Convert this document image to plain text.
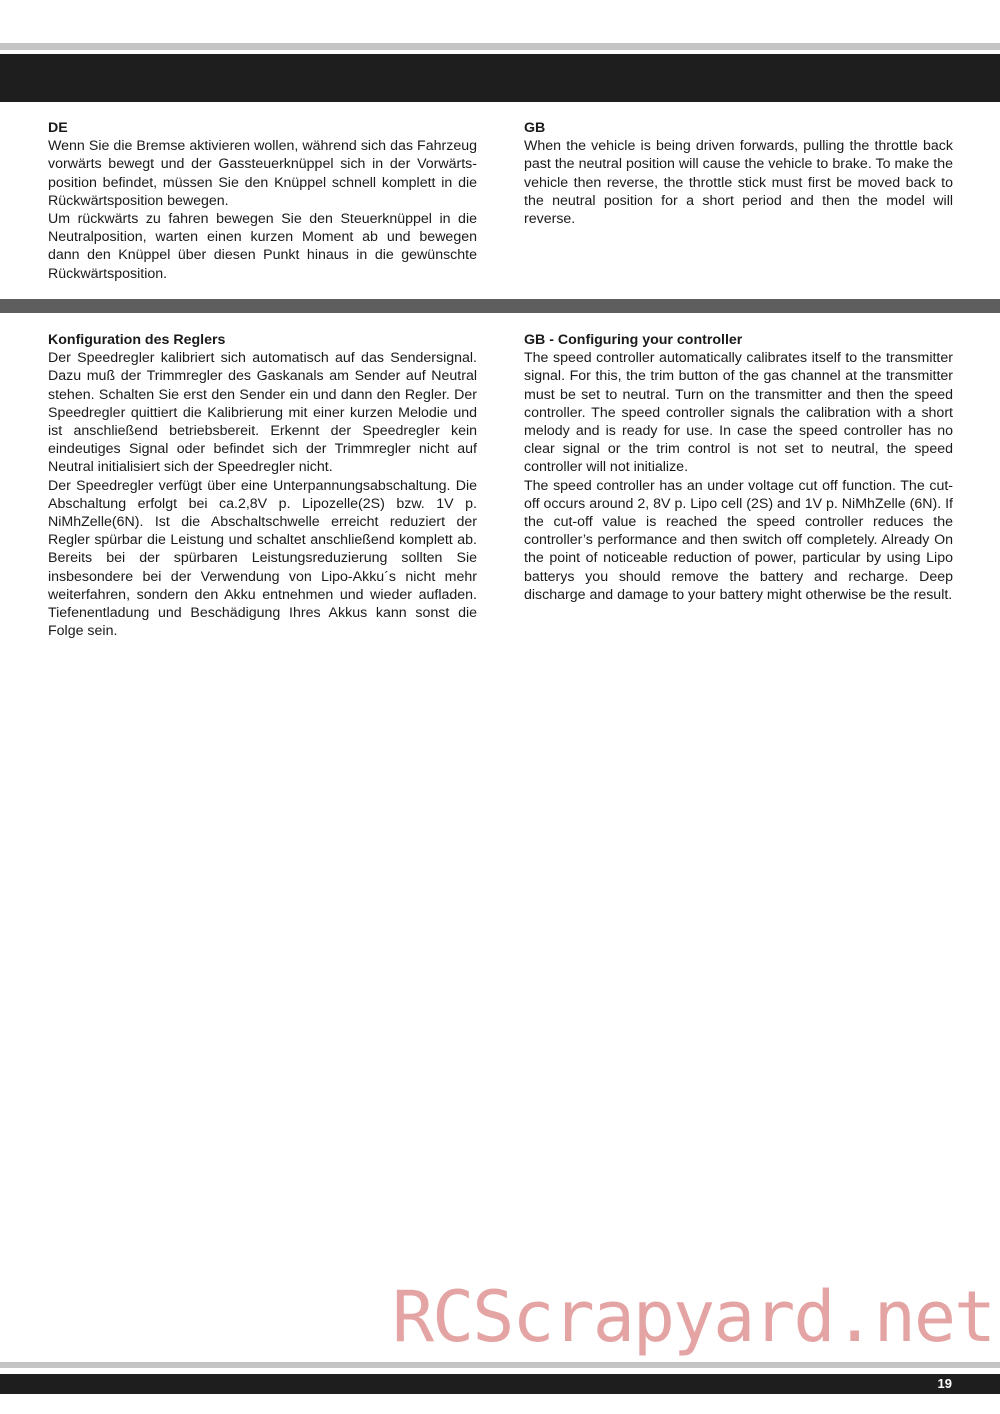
DE

Wenn Sie die Bremse aktivieren wollen, während sich das Fahrzeug vorwärts bewegt und der Gassteuerknüppel sich in der Vorwärts-position befindet, müssen Sie den Knüppel schnell komplett in die Rückwärtsposition bewegen.

Um rückwärts zu fahren bewegen Sie den Steuerknüppel in die Neutralposition, warten einen kurzen Moment ab und bewegen dann den Knüppel über diesen Punkt hinaus in die gewünschte Rückwärtsposition.

GB

When the vehicle is being driven forwards, pulling the throttle back past the neutral position will cause the vehicle to brake. To make the vehicle then reverse, the throttle stick must first be moved back to the neutral position for a short period and then the model will reverse.

Konfiguration des Reglers

Der Speedregler kalibriert sich automatisch auf das Sendersignal. Dazu muß der Trimmregler des Gaskanals am Sender auf Neutral stehen. Schalten Sie erst den Sender ein und dann den Regler. Der Speedregler quittiert die Kalibrierung mit einer kurzen Melodie und ist anschließend betriebsbereit. Erkennt der Speedregler kein eindeutiges Signal oder befindet sich der Trimmregler nicht auf Neutral initialisiert sich der Speedregler nicht.

Der Speedregler verfügt über eine Unterpannungsabschaltung. Die Abschaltung erfolgt bei ca.2,8V p. Lipozelle(2S) bzw. 1V p. NiMhZelle(6N). Ist die Abschaltschwelle erreicht reduziert der Regler spürbar die Leistung und schaltet anschließend komplett ab. Bereits bei der spürbaren Leistungsreduzierung sollten Sie insbesondere bei der Verwendung von Lipo-Akku´s nicht mehr weiterfahren, sondern den Akku entnehmen und wieder aufladen. Tiefenentladung und Beschädigung Ihres Akkus kann sonst die Folge sein.

GB - Configuring your controller

The speed controller automatically calibrates itself to the transmitter signal. For this, the trim button of the gas channel at the transmitter must be set to neutral. Turn on the transmitter and then the speed controller. The speed controller signals the calibration with a short melody and is ready for use. In case the speed controller has no clear signal or the trim control is not set to neutral, the speed controller will not initialize.

The speed controller has an under voltage cut off function. The cut-off occurs around 2, 8V p. Lipo cell (2S) and 1V p. NiMhZelle (6N). If the cut-off value is reached the speed controller reduces the controller’s performance and then switch off completely. Already On the point of noticeable reduction of power, particular by using Lipo batterys you should remove the battery and recharge. Deep discharge and damage to your battery might otherwise be the result.

RCScrapyard.net
19
